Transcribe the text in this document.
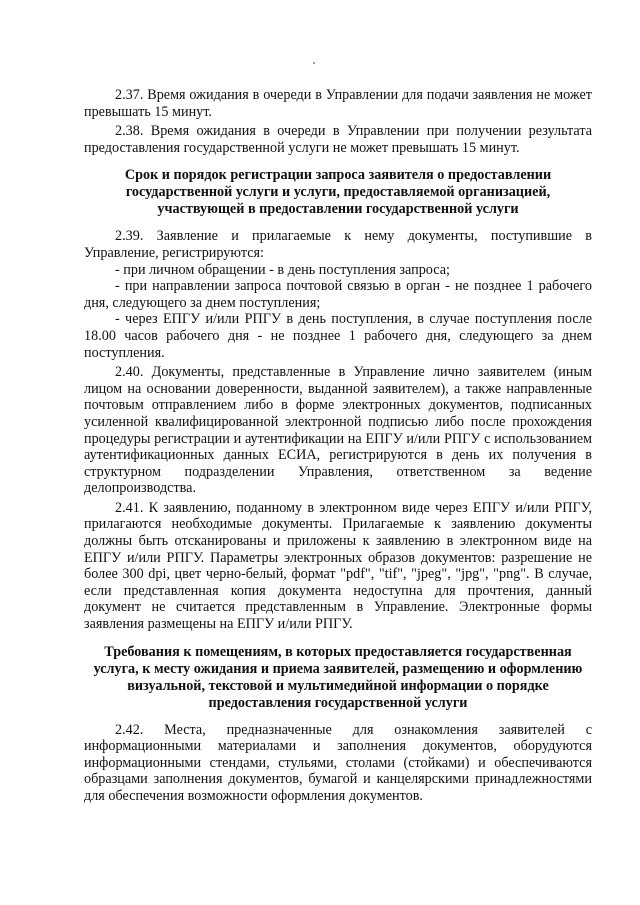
2.37. Время ожидания в очереди в Управлении для подачи заявления не может превышать 15 минут.

2.38. Время ожидания в очереди в Управлении при получении результата предоставления государственной услуги не может превышать 15 минут.

Срок и порядок регистрации запроса заявителя о предоставлении государственной услуги и услуги, предоставляемой организацией, участвующей в предоставлении государственной услуги

2.39. Заявление и прилагаемые к нему документы, поступившие в Управление, регистрируются:

- при личном обращении - в день поступления запроса;

- при направлении запроса почтовой связью в орган - не позднее 1 рабочего дня, следующего за днем поступления;

- через ЕПГУ и/или РПГУ в день поступления, в случае поступления после 18.00 часов рабочего дня - не позднее 1 рабочего дня, следующего за днем поступления.

2.40. Документы, представленные в Управление лично заявителем (иным лицом на основании доверенности, выданной заявителем), а также направленные почтовым отправлением либо в форме электронных документов, подписанных усиленной квалифицированной электронной подписью либо после прохождения процедуры регистрации и аутентификации на ЕПГУ и/или РПГУ с использованием аутентификационных данных ЕСИА, регистрируются в день их получения в структурном подразделении Управления, ответственном за ведение делопроизводства.

2.41. К заявлению, поданному в электронном виде через ЕПГУ и/или РПГУ, прилагаются необходимые документы. Прилагаемые к заявлению документы должны быть отсканированы и приложены к заявлению в электронном виде на ЕПГУ и/или РПГУ. Параметры электронных образов документов: разрешение не более 300 dpi, цвет черно-белый, формат "pdf", "tif", "jpeg", "jpg", "png". В случае, если представленная копия документа недоступна для прочтения, данный документ не считается представленным в Управление. Электронные формы заявления размещены на ЕПГУ и/или РПГУ.

Требования к помещениям, в которых предоставляется государственная услуга, к месту ожидания и приема заявителей, размещению и оформлению визуальной, текстовой и мультимедийной информации о порядке предоставления государственной услуги

2.42. Места, предназначенные для ознакомления заявителей с информационными материалами и заполнения документов, оборудуются информационными стендами, стульями, столами (стойками) и обеспечиваются образцами заполнения документов, бумагой и канцелярскими принадлежностями для обеспечения возможности оформления документов.
